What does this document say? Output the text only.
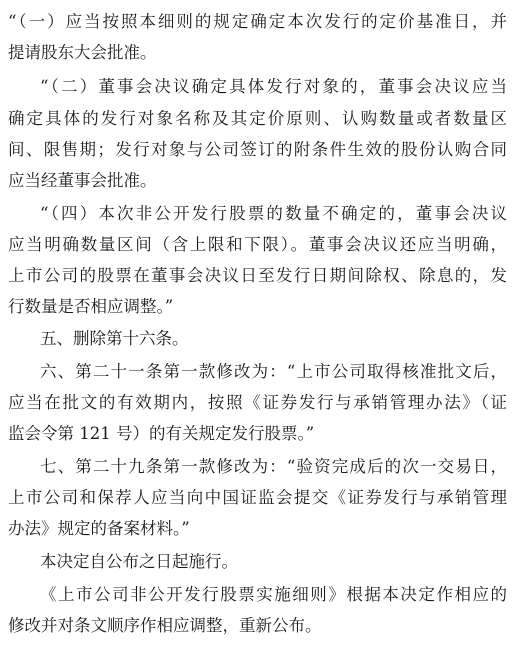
“（一）应当按照本细则的规定确定本次发行的定价基准日，并
提请股东大会批准。
“（二）董事会决议确定具体发行对象的，董事会决议应当
确定具体的发行对象名称及其定价原则、认购数量或者数量区
间、限售期；发行对象与公司签订的附条件生效的股份认购合同
应当经董事会批准。
“（四）本次非公开发行股票的数量不确定的，董事会决议
应当明确数量区间（含上限和下限）。董事会决议还应当明确，
上市公司的股票在董事会决议日至发行日期间除权、除息的，发
行数量是否相应调整。”
五、删除第十六条。
六、第二十一条第一款修改为：“上市公司取得核准批文后，
应当在批文的有效期内，按照《证券发行与承销管理办法》（证
监会令第 121 号）的有关规定发行股票。”
七、第二十九条第一款修改为：“验资完成后的次一交易日，
上市公司和保荐人应当向中国证监会提交《证券发行与承销管理
办法》规定的备案材料。”
本决定自公布之日起施行。
《上市公司非公开发行股票实施细则》根据本决定作相应的
修改并对条文顺序作相应调整，重新公布。
